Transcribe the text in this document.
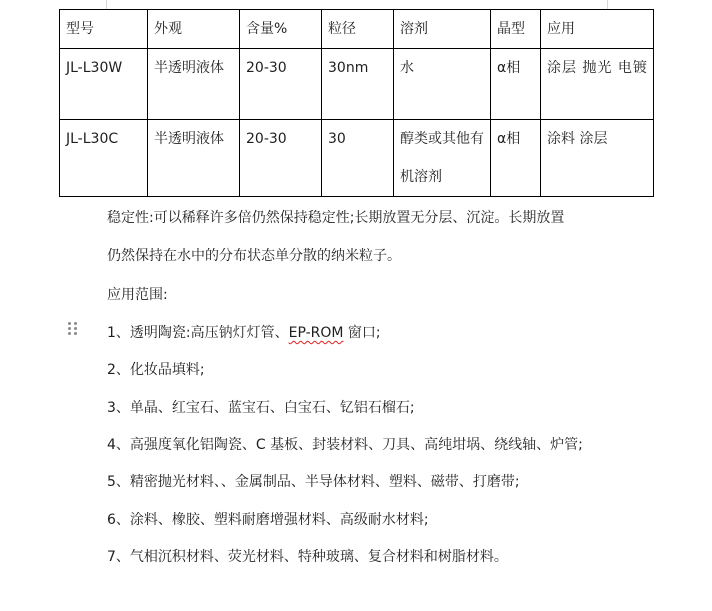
型号	外观	含量%	粒径	溶剂	晶型	应用
JL-L30W	半透明液体	20-30	30nm	水	α相	涂层 抛光 电镀
JL-L30C	半透明液体	20-30	30	醇类或其他有机溶剂	α相	涂料 涂层
稳定性:可以稀释许多倍仍然保持稳定性;长期放置无分层、沉淀。长期放置
仍然保持在水中的分布状态单分散的纳米粒子。
应用范围:
1、透明陶瓷:高压钠灯灯管、EP-ROM 窗口;
2、化妆品填料;
3、单晶、红宝石、蓝宝石、白宝石、钇铝石榴石;
4、高强度氧化铝陶瓷、C 基板、封装材料、刀具、高纯坩埚、绕线轴、炉管;
5、精密抛光材料、、金属制品、半导体材料、塑料、磁带、打磨带;
6、涂料、橡胶、塑料耐磨增强材料、高级耐水材料;
7、气相沉积材料、荧光材料、特种玻璃、复合材料和树脂材料。
